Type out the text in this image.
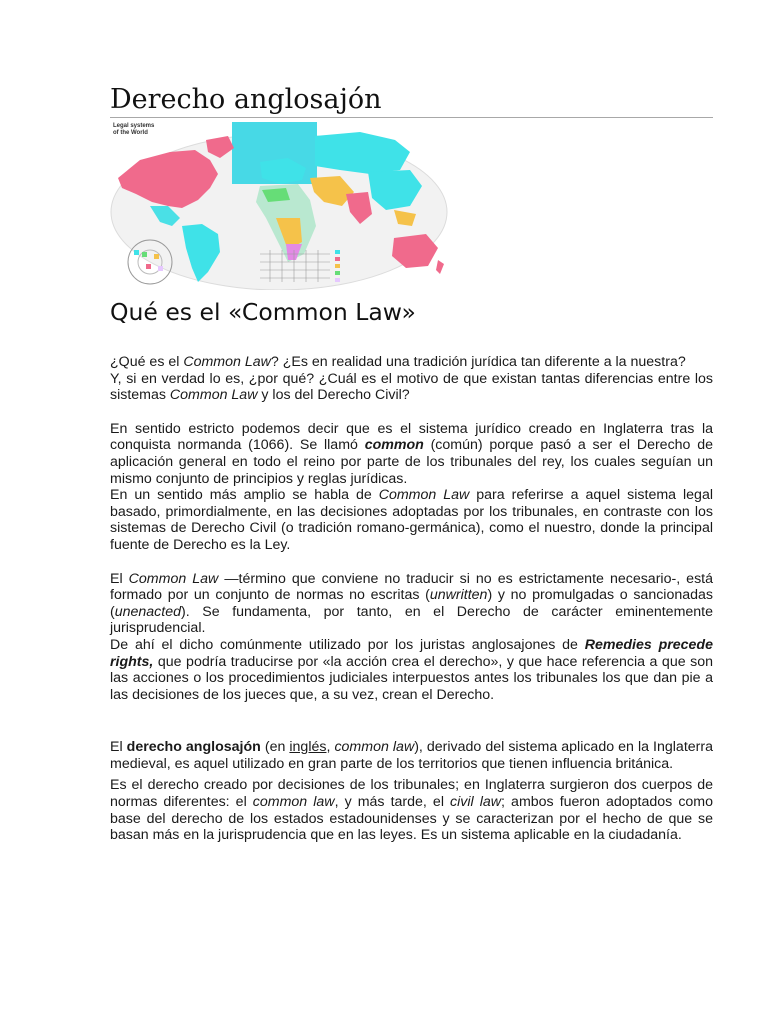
Derecho anglosajón

Legal systems
of the World

Qué es el «Common Law»

¿Qué es el Common Law? ¿Es en realidad una tradición jurídica tan diferente a la nuestra?

Y, si en verdad lo es, ¿por qué? ¿Cuál es el motivo de que existan tantas diferencias entre los sistemas Common Law y los del Derecho Civil?

En sentido estricto podemos decir que es el sistema jurídico creado en Inglaterra tras la conquista normanda (1066). Se llamó common (común) porque pasó a ser el Derecho de aplicación general en todo el reino por parte de los tribunales del rey, los cuales seguían un mismo conjunto de principios y reglas jurídicas.

En un sentido más amplio se habla de Common Law para referirse a aquel sistema legal basado, primordialmente, en las decisiones adoptadas por los tribunales, en contraste con los sistemas de Derecho Civil (o tradición romano-germánica), como el nuestro, donde la principal fuente de Derecho es la Ley.

El Common Law —término que conviene no traducir si no es estrictamente necesario-, está formado por un conjunto de normas no escritas (unwritten) y no promulgadas o sancionadas (unenacted). Se fundamenta, por tanto, en el Derecho de carácter eminentemente jurisprudencial.

De ahí el dicho comúnmente utilizado por los juristas anglosajones de Remedies precede rights, que podría traducirse por «la acción crea el derecho», y que hace referencia a que son las acciones o los procedimientos judiciales interpuestos antes los tribunales los que dan pie a las decisiones de los jueces que, a su vez, crean el Derecho.

El derecho anglosajón (en inglés, common law), derivado del sistema aplicado en la Inglaterra medieval, es aquel utilizado en gran parte de los territorios que tienen influencia británica.

Es el derecho creado por decisiones de los tribunales; en Inglaterra surgieron dos cuerpos de normas diferentes: el common law, y más tarde, el civil law; ambos fueron adoptados como base del derecho de los estados estadounidenses y se caracterizan por el hecho de que se basan más en la jurisprudencia que en las leyes. Es un sistema aplicable en la ciudadanía.
